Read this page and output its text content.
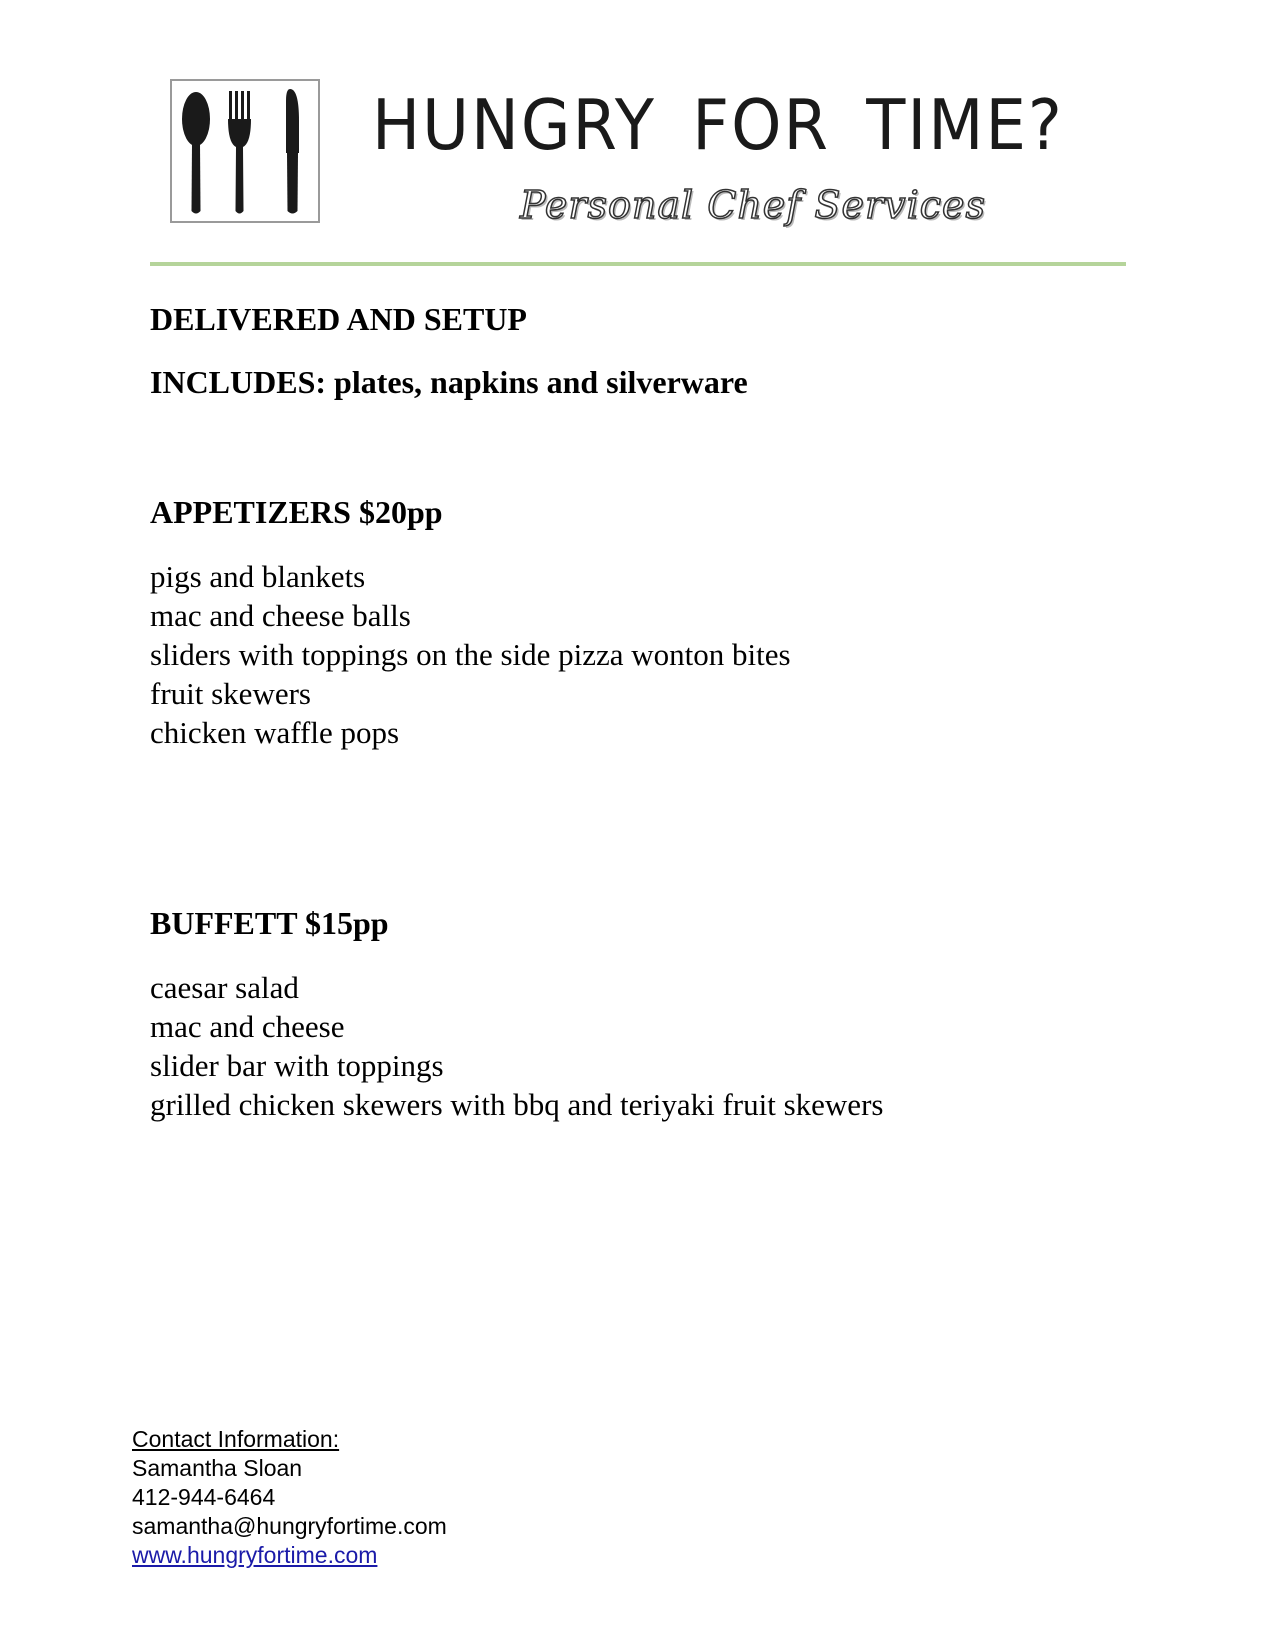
HUNGRY FOR TIME?
Personal Chef Services
DELIVERED AND SETUP
INCLUDES: plates, napkins and silverware
APPETIZERS $20pp
pigs and blankets
mac and cheese balls
sliders with toppings on the side pizza wonton bites
fruit skewers
chicken waffle pops
BUFFETT $15pp
caesar salad
mac and cheese
slider bar with toppings
grilled chicken skewers with bbq and teriyaki fruit skewers
Contact Information:
Samantha Sloan
412-944-6464
samantha@hungryfortime.com
www.hungryfortime.com
